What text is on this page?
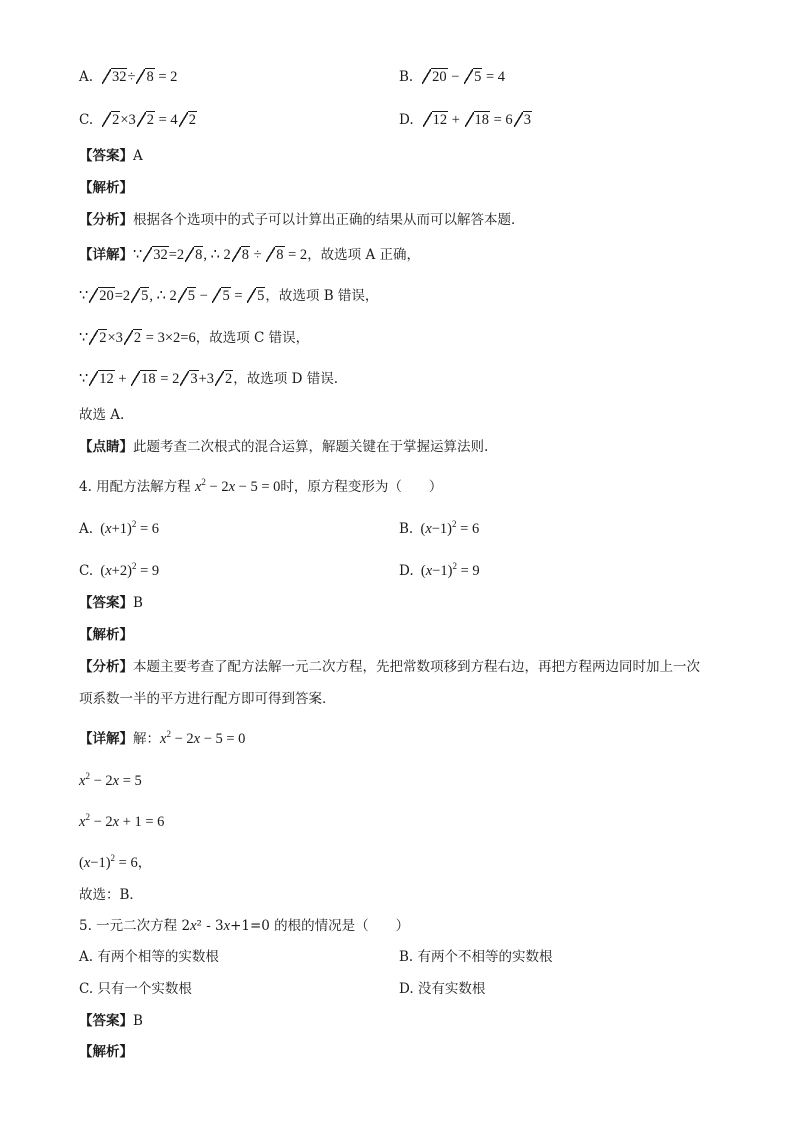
A. 32÷ 8 = 2	B. 20 − 5 = 4
C. 2×3 2 = 4 2	D. 12 + 18 = 6 3
【答案】A
【解析】
【分析】根据各个选项中的式子可以计算出正确的结果从而可以解答本题．
【详解】∵ 32=2 8, ∴ 2 8 ÷ 8 = 2，故选项 A 正确，
∵ 20=2 5, ∴ 2 5 − 5 = 5，故选项 B 错误，
∵ 2×3 2 = 3×2=6，故选项 C 错误，
∵ 12 + 18 = 2 3+3 2，故选项 D 错误.
故选 A.
【点睛】此题考查二次根式的混合运算，解题关键在于掌握运算法则.
4. 用配方法解方程 $x^2 - 2x - 5 = 0$时，原方程变形为（　　）
A.  $(x+1)^2 = 6$	B.  $(x-1)^2 = 6$
C.  $(x+2)^2 = 9$	D.  $(x-1)^2 = 9$
【答案】B
【解析】
【分析】本题主要考查了配方法解一元二次方程，先把常数项移到方程右边，再把方程两边同时加上一次
项系数一半的平方进行配方即可得到答案．
【详解】解：$x^2 - 2x - 5 = 0$
$x^2 - 2x = 5$
$x^2 - 2x + 1 = 6$
$(x-1)^2 = 6$，
故选：B．
5. 一元二次方程 2x² - 3x+1=0 的根的情况是（　　）
A. 有两个相等的实数根	B. 有两个不相等的实数根
C. 只有一个实数根	D. 没有实数根
【答案】B
【解析】
